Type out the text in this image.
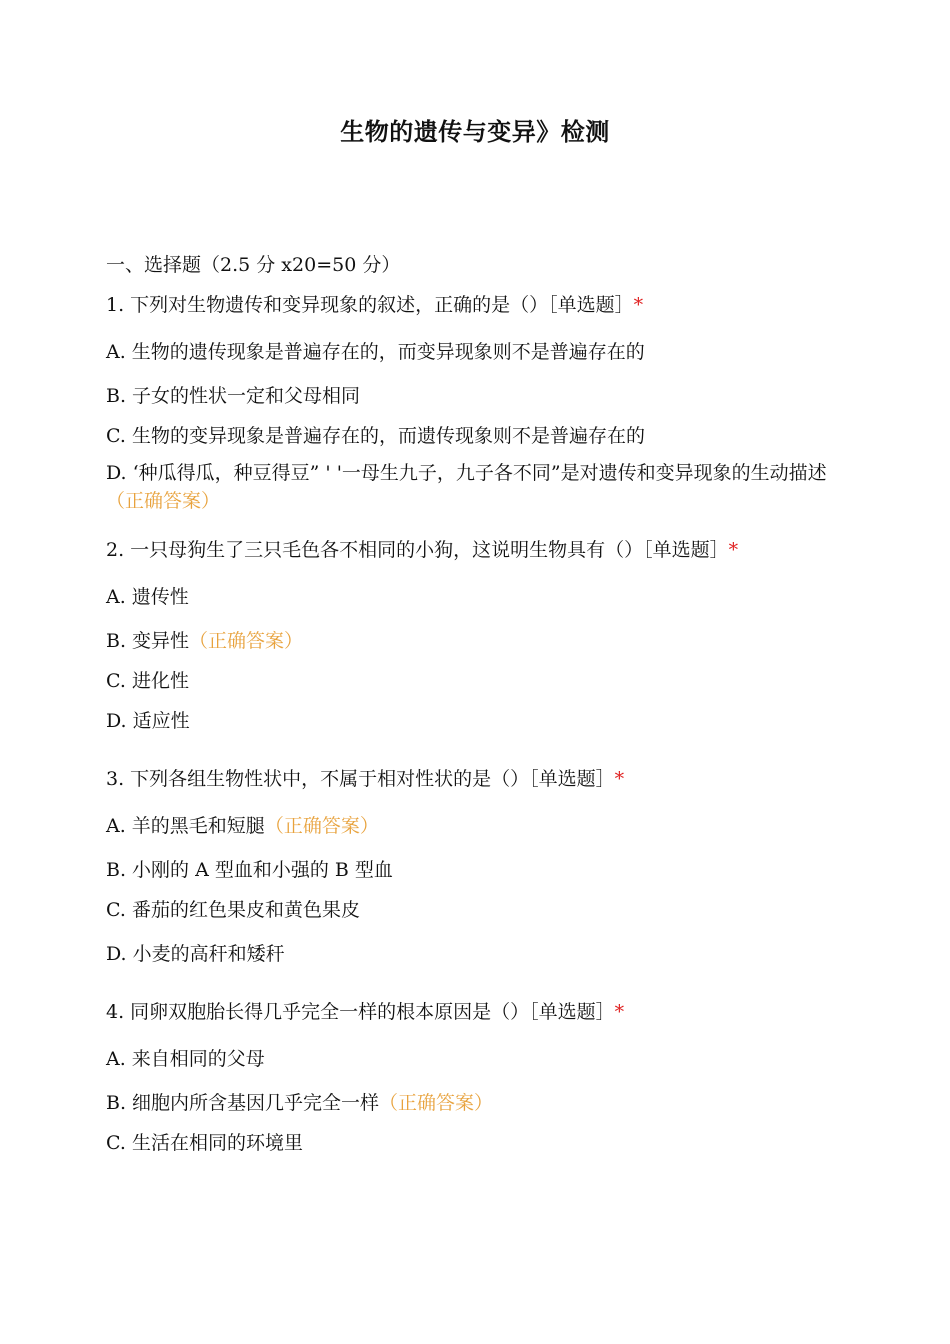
生物的遗传与变异》检测
一、选择题（2.5 分 x20=50 分）
1. 下列对生物遗传和变异现象的叙述，正确的是（）［单选题］*
A. 生物的遗传现象是普遍存在的，而变异现象则不是普遍存在的
B. 子女的性状一定和父母相同
C. 生物的变异现象是普遍存在的，而遗传现象则不是普遍存在的
D. ‘种瓜得瓜，种豆得豆” ' '一母生九子，九子各不同”是对遗传和变异现象的生动描述（正确答案）
2. 一只母狗生了三只毛色各不相同的小狗，这说明生物具有（）［单选题］*
A. 遗传性
B. 变异性（正确答案）
C. 进化性
D. 适应性
3. 下列各组生物性状中，不属于相对性状的是（）［单选题］*
A. 羊的黑毛和短腿（正确答案）
B. 小刚的 A 型血和小强的 B 型血
C. 番茄的红色果皮和黄色果皮
D. 小麦的高秆和矮秆
4. 同卵双胞胎长得几乎完全一样的根本原因是（）［单选题］*
A. 来自相同的父母
B. 细胞内所含基因几乎完全一样（正确答案）
C. 生活在相同的环境里
